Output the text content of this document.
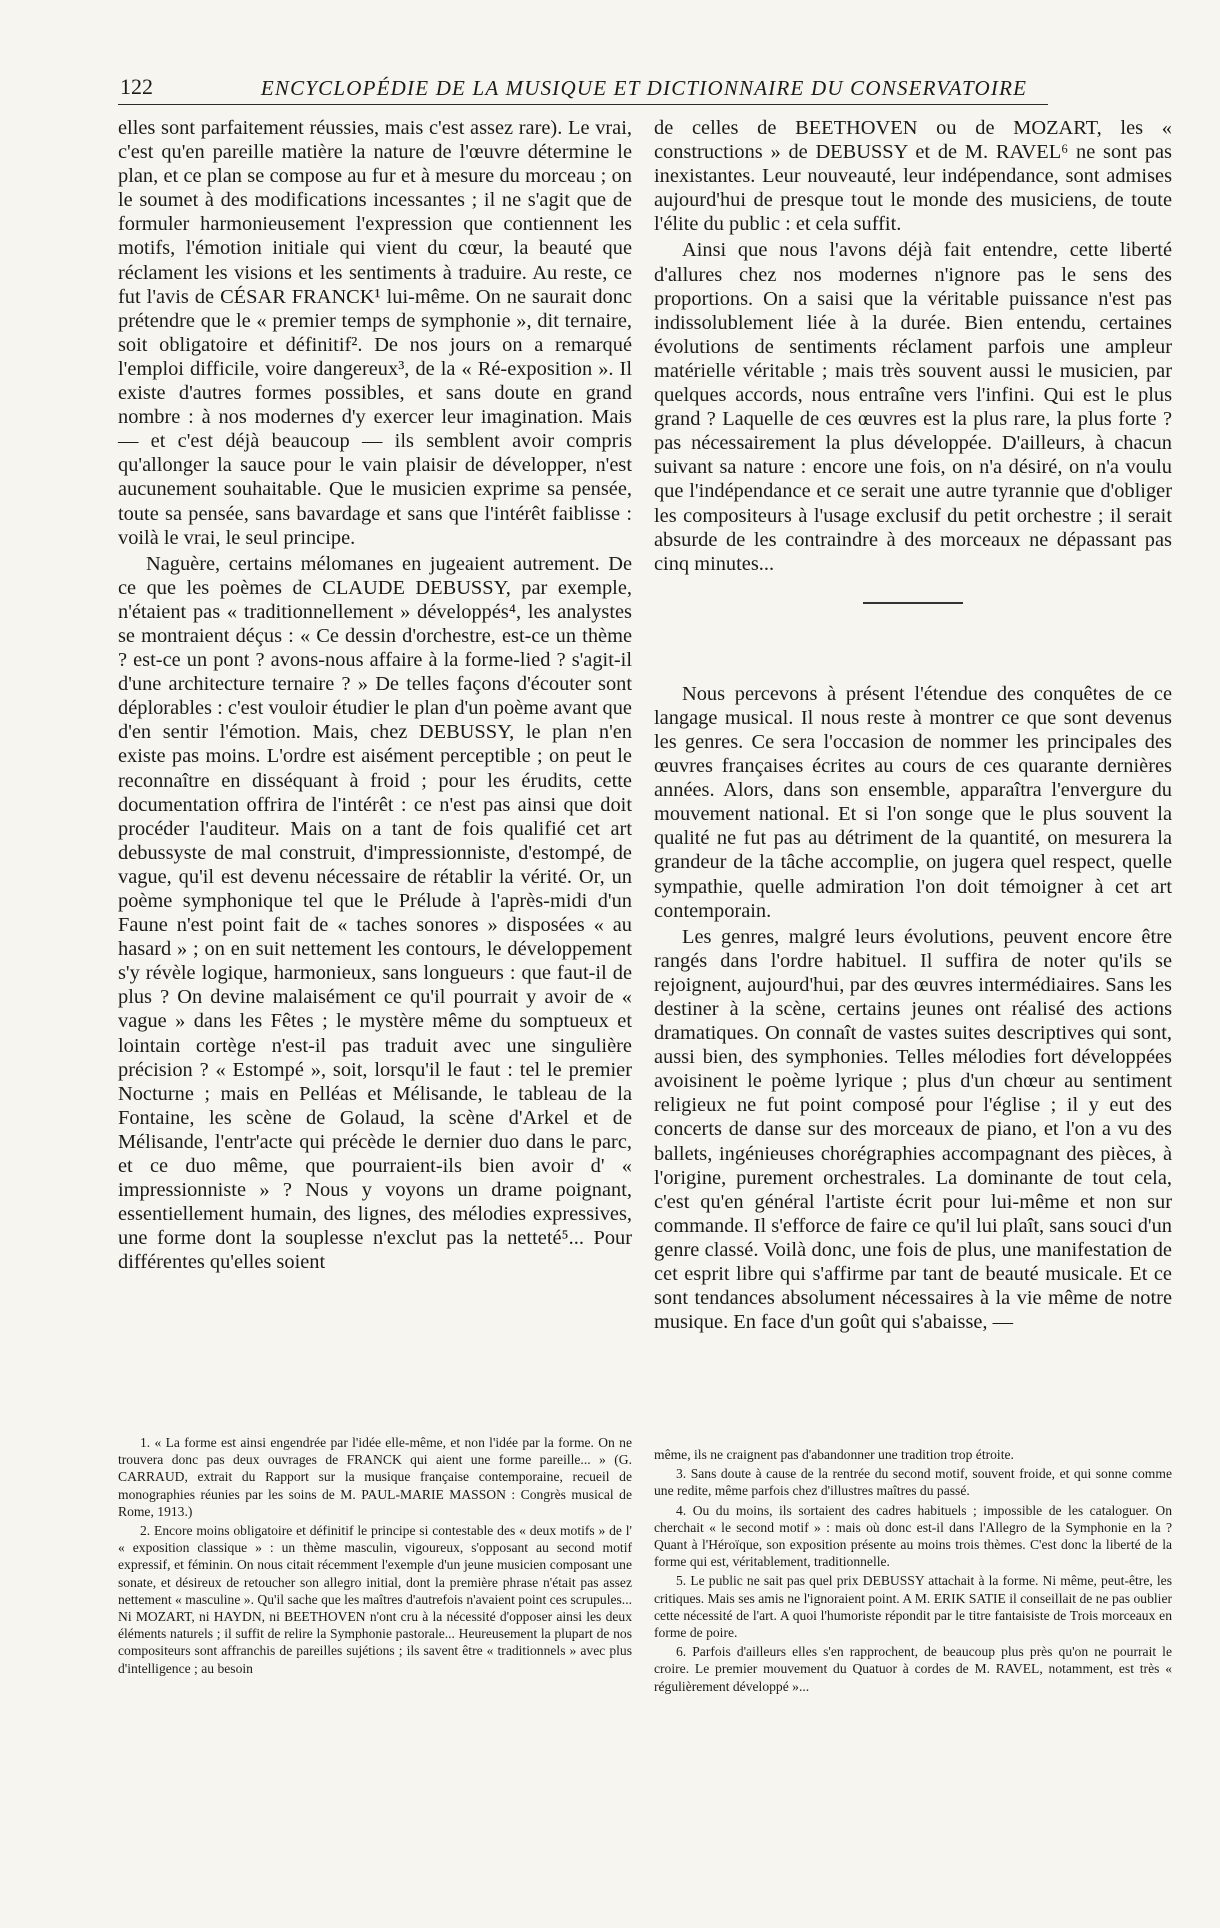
122	ENCYCLOPÉDIE DE LA MUSIQUE ET DICTIONNAIRE DU CONSERVATOIRE

elles sont parfaitement réussies, mais c'est assez rare). Le vrai, c'est qu'en pareille matière la nature de l'œuvre détermine le plan, et ce plan se compose au fur et à mesure du morceau ; on le soumet à des modifications incessantes ; il ne s'agit que de formuler harmonieusement l'expression que contiennent les motifs, l'émotion initiale qui vient du cœur, la beauté que réclament les visions et les sentiments à traduire. Au reste, ce fut l'avis de CÉSAR FRANCK¹ lui-même. On ne saurait donc prétendre que le « premier temps de symphonie », dit ternaire, soit obligatoire et définitif². De nos jours on a remarqué l'emploi difficile, voire dangereux³, de la « Ré-exposition ». Il existe d'autres formes possibles, et sans doute en grand nombre : à nos modernes d'y exercer leur imagination. Mais — et c'est déjà beaucoup — ils semblent avoir compris qu'allonger la sauce pour le vain plaisir de développer, n'est aucunement souhaitable. Que le musicien exprime sa pensée, toute sa pensée, sans bavardage et sans que l'intérêt faiblisse : voilà le vrai, le seul principe.

Naguère, certains mélomanes en jugeaient autrement. De ce que les poèmes de CLAUDE DEBUSSY, par exemple, n'étaient pas « traditionnellement » développés⁴, les analystes se montraient déçus : « Ce dessin d'orchestre, est-ce un thème ? est-ce un pont ? avons-nous affaire à la forme-lied ? s'agit-il d'une architecture ternaire ? » De telles façons d'écouter sont déplorables : c'est vouloir étudier le plan d'un poème avant que d'en sentir l'émotion. Mais, chez DEBUSSY, le plan n'en existe pas moins. L'ordre est aisément perceptible ; on peut le reconnaître en disséquant à froid ; pour les érudits, cette documentation offrira de l'intérêt : ce n'est pas ainsi que doit procéder l'auditeur. Mais on a tant de fois qualifié cet art debussyste de mal construit, d'impressionniste, d'estompé, de vague, qu'il est devenu nécessaire de rétablir la vérité. Or, un poème symphonique tel que le Prélude à l'après-midi d'un Faune n'est point fait de « taches sonores » disposées « au hasard » ; on en suit nettement les contours, le développement s'y révèle logique, harmonieux, sans longueurs : que faut-il de plus ? On devine malaisément ce qu'il pourrait y avoir de « vague » dans les Fêtes ; le mystère même du somptueux et lointain cortège n'est-il pas traduit avec une singulière précision ? « Estompé », soit, lorsqu'il le faut : tel le premier Nocturne ; mais en Pelléas et Mélisande, le tableau de la Fontaine, les scène de Golaud, la scène d'Arkel et de Mélisande, l'entr'acte qui précède le dernier duo dans le parc, et ce duo même, que pourraient-ils bien avoir d' « impressionniste » ? Nous y voyons un drame poignant, essentiellement humain, des lignes, des mélodies expressives, une forme dont la souplesse n'exclut pas la netteté⁵... Pour différentes qu'elles soient

de celles de BEETHOVEN ou de MOZART, les « constructions » de DEBUSSY et de M. RAVEL⁶ ne sont pas inexistantes. Leur nouveauté, leur indépendance, sont admises aujourd'hui de presque tout le monde des musiciens, de toute l'élite du public : et cela suffit.

Ainsi que nous l'avons déjà fait entendre, cette liberté d'allures chez nos modernes n'ignore pas le sens des proportions. On a saisi que la véritable puissance n'est pas indissolublement liée à la durée. Bien entendu, certaines évolutions de sentiments réclament parfois une ampleur matérielle véritable ; mais très souvent aussi le musicien, par quelques accords, nous entraîne vers l'infini. Qui est le plus grand ? Laquelle de ces œuvres est la plus rare, la plus forte ? pas nécessairement la plus développée. D'ailleurs, à chacun suivant sa nature : encore une fois, on n'a désiré, on n'a voulu que l'indépendance et ce serait une autre tyrannie que d'obliger les compositeurs à l'usage exclusif du petit orchestre ; il serait absurde de les contraindre à des morceaux ne dépassant pas cinq minutes...

Nous percevons à présent l'étendue des conquêtes de ce langage musical. Il nous reste à montrer ce que sont devenus les genres. Ce sera l'occasion de nommer les principales des œuvres françaises écrites au cours de ces quarante dernières années. Alors, dans son ensemble, apparaîtra l'envergure du mouvement national. Et si l'on songe que le plus souvent la qualité ne fut pas au détriment de la quantité, on mesurera la grandeur de la tâche accomplie, on jugera quel respect, quelle sympathie, quelle admiration l'on doit témoigner à cet art contemporain.

Les genres, malgré leurs évolutions, peuvent encore être rangés dans l'ordre habituel. Il suffira de noter qu'ils se rejoignent, aujourd'hui, par des œuvres intermédiaires. Sans les destiner à la scène, certains jeunes ont réalisé des actions dramatiques. On connaît de vastes suites descriptives qui sont, aussi bien, des symphonies. Telles mélodies fort développées avoisinent le poème lyrique ; plus d'un chœur au sentiment religieux ne fut point composé pour l'église ; il y eut des concerts de danse sur des morceaux de piano, et l'on a vu des ballets, ingénieuses chorégraphies accompagnant des pièces, à l'origine, purement orchestrales. La dominante de tout cela, c'est qu'en général l'artiste écrit pour lui-même et non sur commande. Il s'efforce de faire ce qu'il lui plaît, sans souci d'un genre classé. Voilà donc, une fois de plus, une manifestation de cet esprit libre qui s'affirme par tant de beauté musicale. Et ce sont tendances absolument nécessaires à la vie même de notre musique. En face d'un goût qui s'abaisse, —

1. « La forme est ainsi engendrée par l'idée elle-même, et non l'idée par la forme. On ne trouvera donc pas deux ouvrages de FRANCK qui aient une forme pareille... » (G. CARRAUD, extrait du Rapport sur la musique française contemporaine, recueil de monographies réunies par les soins de M. PAUL-MARIE MASSON : Congrès musical de Rome, 1913.)

2. Encore moins obligatoire et définitif le principe si contestable des « deux motifs » de l' « exposition classique » : un thème masculin, vigoureux, s'opposant au second motif expressif, et féminin. On nous citait récemment l'exemple d'un jeune musicien composant une sonate, et désireux de retoucher son allegro initial, dont la première phrase n'était pas assez nettement « masculine ». Qu'il sache que les maîtres d'autrefois n'avaient point ces scrupules... Ni MOZART, ni HAYDN, ni BEETHOVEN n'ont cru à la nécessité d'opposer ainsi les deux éléments naturels ; il suffit de relire la Symphonie pastorale... Heureusement la plupart de nos compositeurs sont affranchis de pareilles sujétions ; ils savent être « traditionnels » avec plus d'intelligence ; au besoin

même, ils ne craignent pas d'abandonner une tradition trop étroite.

3. Sans doute à cause de la rentrée du second motif, souvent froide, et qui sonne comme une redite, même parfois chez d'illustres maîtres du passé.

4. Ou du moins, ils sortaient des cadres habituels ; impossible de les cataloguer. On cherchait « le second motif » : mais où donc est-il dans l'Allegro de la Symphonie en la ? Quant à l'Héroïque, son exposition présente au moins trois thèmes. C'est donc la liberté de la forme qui est, véritablement, traditionnelle.

5. Le public ne sait pas quel prix DEBUSSY attachait à la forme. Ni même, peut-être, les critiques. Mais ses amis ne l'ignoraient point. A M. ERIK SATIE il conseillait de ne pas oublier cette nécessité de l'art. A quoi l'humoriste répondit par le titre fantaisiste de Trois morceaux en forme de poire.

6. Parfois d'ailleurs elles s'en rapprochent, de beaucoup plus près qu'on ne pourrait le croire. Le premier mouvement du Quatuor à cordes de M. RAVEL, notamment, est très « régulièrement développé »...
